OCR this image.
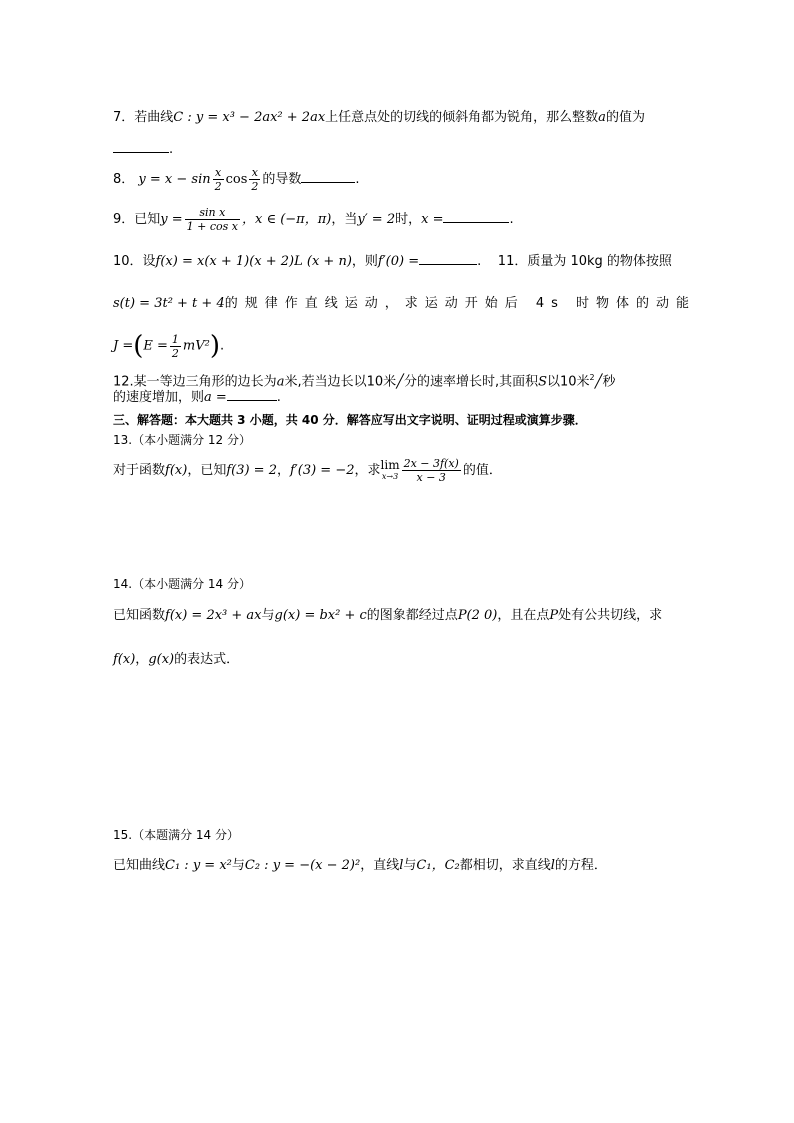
7．若曲线C : y = x³ − 2ax² + 2ax上任意点处的切线的倾斜角都为锐角，那么整数a的值为
.
8． $y = x - \sin \frac{x}{2}$ $\cos \frac{x}{2}$ 的导数	.
9．已知$y = \frac{\text{sin x}}{\text{1 + cos x}}$ ，x ∈ (−π，π)，当y′ = 2时，x =	.
10．设f(x) = x(x + 1)(x + 2)L (x + n)，则f′(0) =	. 11．质量为 10kg 的物体按照
s(t) = 3t² + t + 4的规律作直线运动，求运动开始后 4s 时物体的动能
$J =(E = \frac{1}{2} mV^2)$.
12.某一等边三角形的边长为a米,若当边长以10米╱分的速率增长时,其面积S以10米$^2$╱秒
的速度增加，则a =	.
三、解答题：本大题共 3 小题，共 40 分．解答应写出文字说明、证明过程或演算步骤．
13.（本小题满分 12 分）
对于函数f(x)，已知f(3) = 2，f′(3) = −2，求 lim
$x\to 3 \frac{2x - 3f(x)}{x - 3}$ 的值．
14.（本小题满分 14 分）
已知函数f(x) = 2x³ + ax与g(x) = bx² + c的图象都经过点P(2 0)，且在点P处有公共切线，求
f(x)，g(x)的表达式．
15.（本题满分 14 分）
已知曲线C₁ : y = x²与C₂ : y = −(x − 2)²，直线l与C₁，C₂都相切，求直线l的方程．
